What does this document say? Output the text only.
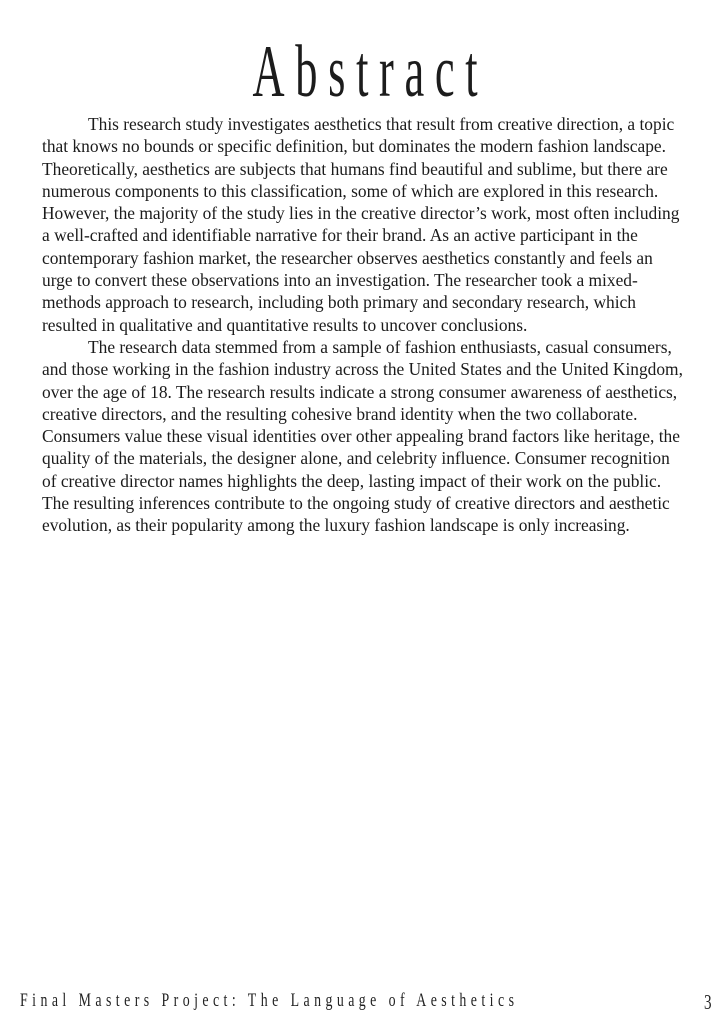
Abstract

This research study investigates aesthetics that result from creative direction, a topic that knows no bounds or specific definition, but dominates the modern fashion landscape. Theoretically, aesthetics are subjects that humans find beautiful and sublime, but there are numerous components to this classification, some of which are explored in this research. However, the majority of the study lies in the creative director’s work, most often including a well-crafted and identifiable narrative for their brand. As an active participant in the contemporary fashion market, the researcher observes aesthetics constantly and feels an urge to convert these observations into an investigation. The researcher took a mixed-methods approach to research, including both primary and secondary research, which resulted in qualitative and quantitative results to uncover conclusions.

The research data stemmed from a sample of fashion enthusiasts, casual consumers, and those working in the fashion industry across the United States and the United Kingdom, over the age of 18. The research results indicate a strong consumer awareness of aesthetics, creative directors, and the resulting cohesive brand identity when the two collaborate. Consumers value these visual identities over other appealing brand factors like heritage, the quality of the materials, the designer alone, and celebrity influence. Consumer recognition of creative director names highlights the deep, lasting impact of their work on the public. The resulting inferences contribute to the ongoing study of creative directors and aesthetic evolution, as their popularity among the luxury fashion landscape is only increasing.

Final Masters Project: The Language of Aesthetics	3
